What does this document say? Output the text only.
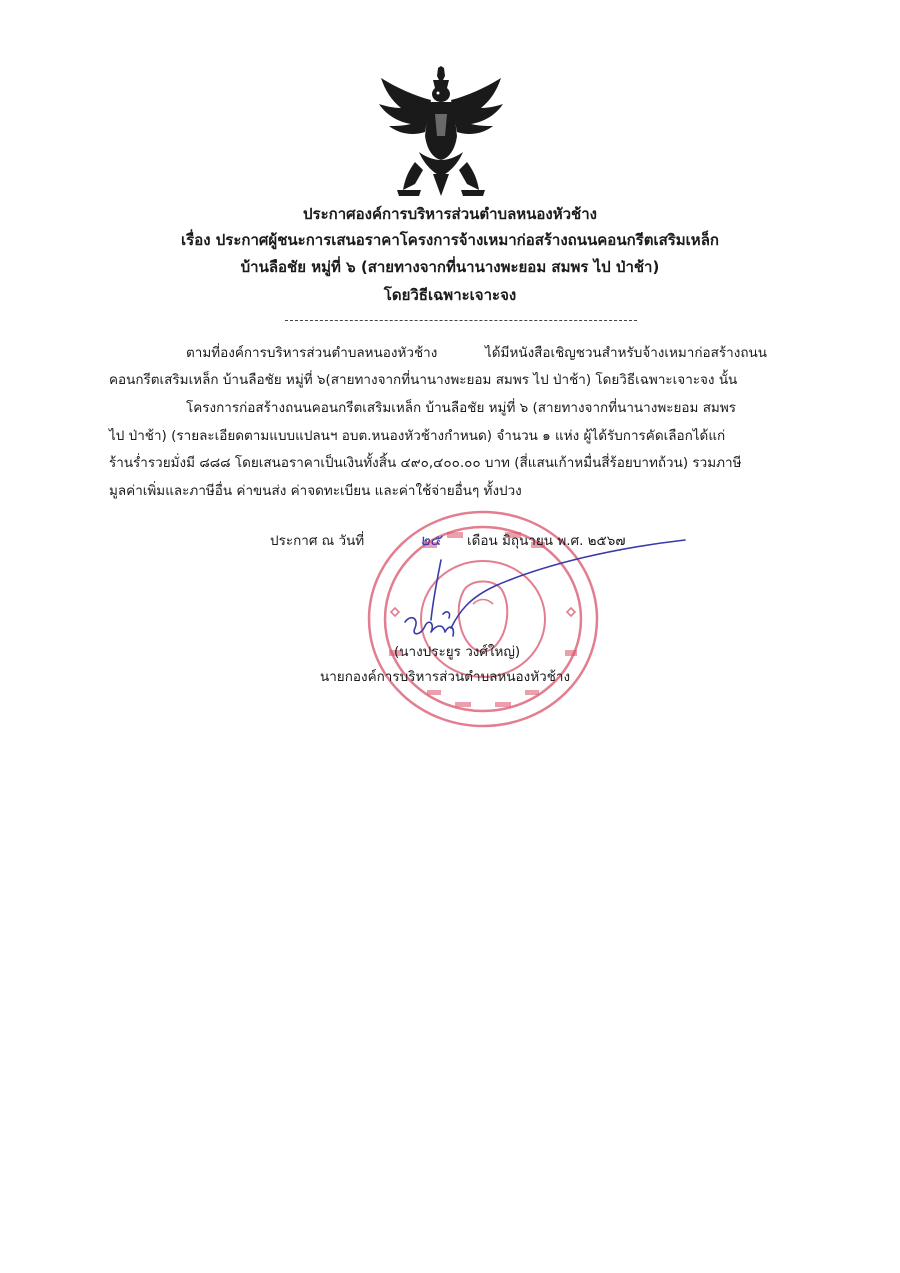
ประกาศองค์การบริหารส่วนตำบลหนองหัวช้าง
เรื่อง ประกาศผู้ชนะการเสนอราคาโครงการจ้างเหมาก่อสร้างถนนคอนกรีตเสริมเหล็ก
บ้านลือชัย หมู่ที่ ๖ (สายทางจากที่นานางพะยอม สมพร ไป ป่าช้า)
โดยวิธีเฉพาะเจาะจง
ตามที่องค์การบริหารส่วนตำบลหนองหัวช้าง	ได้มีหนังสือเชิญชวนสำหรับจ้างเหมาก่อสร้างถนน
คอนกรีตเสริมเหล็ก บ้านลือชัย หมู่ที่ ๖(สายทางจากที่นานางพะยอม สมพร ไป ป่าช้า) โดยวิธีเฉพาะเจาะจง นั้น
โครงการก่อสร้างถนนคอนกรีตเสริมเหล็ก บ้านลือชัย หมู่ที่ ๖ (สายทางจากที่นานางพะยอม สมพร
ไป ป่าช้า) (รายละเอียดตามแบบแปลนฯ อบต.หนองหัวช้างกำหนด) จำนวน ๑ แห่ง ผู้ได้รับการคัดเลือกได้แก่
ร้านร่ำรวยมั่งมี ๘๘๘ โดยเสนอราคาเป็นเงินทั้งสิ้น ๔๙๐,๔๐๐.๐๐ บาท (สี่แสนเก้าหมื่นสี่ร้อยบาทถ้วน) รวมภาษี
มูลค่าเพิ่มและภาษีอื่น ค่าขนส่ง ค่าจดทะเบียน และค่าใช้จ่ายอื่นๆ ทั้งปวง
ประกาศ ณ วันที่	๒๕ เดือน มิถุนายน พ.ศ. ๒๕๖๗
(นางประยูร วงศ์ใหญ่)
นายกองค์การบริหารส่วนตำบลหนองหัวช้าง
